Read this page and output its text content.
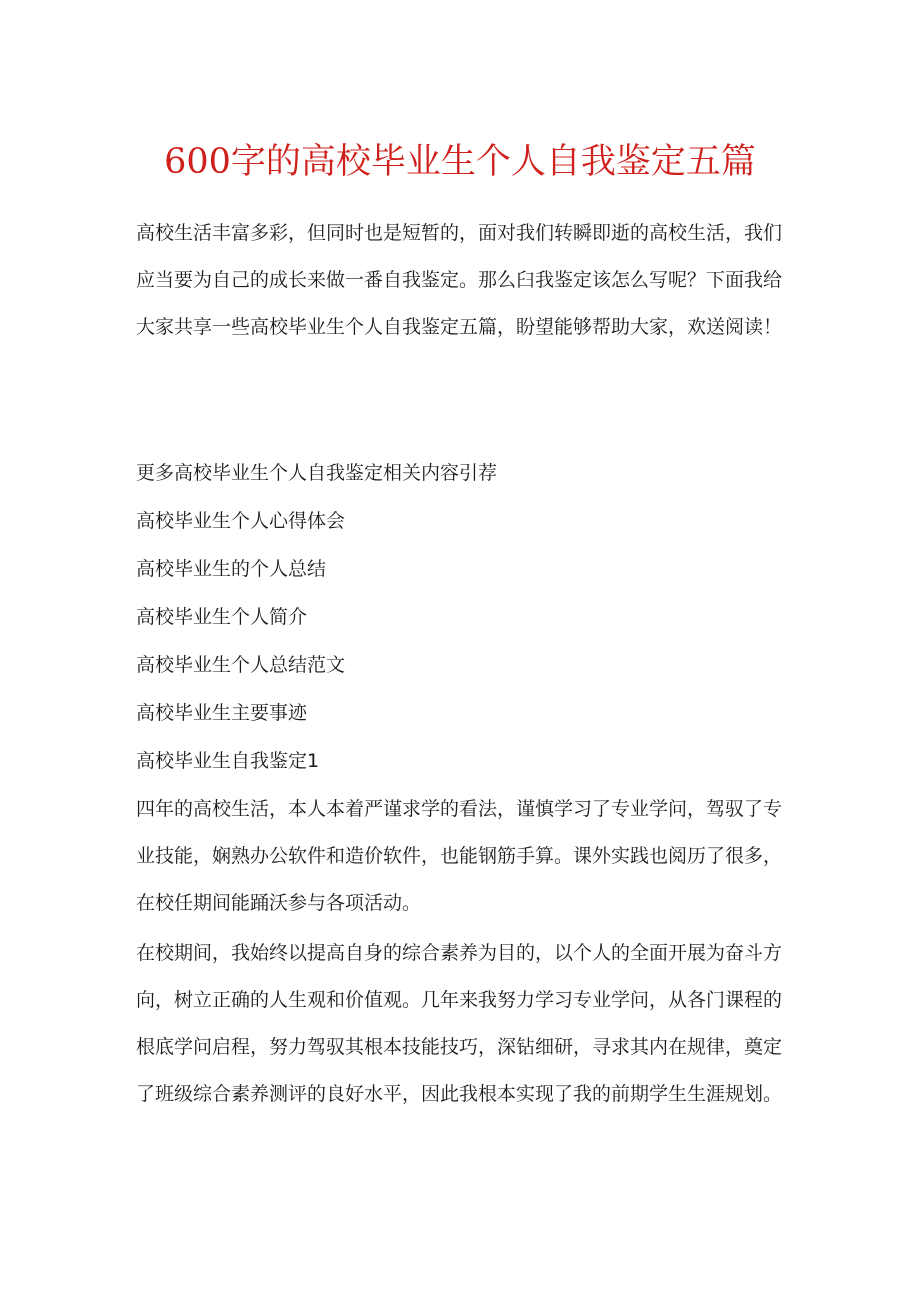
600字的高校毕业生个人自我鉴定五篇

高校生活丰富多彩，但同时也是短暂的，面对我们转瞬即逝的高校生活，我们应当要为自己的成长来做一番自我鉴定。那么臼我鉴定该怎么写呢？下面我给大家共享一些高校毕业生个人自我鉴定五篇，盼望能够帮助大家，欢送阅读！

更多高校毕业生个人自我鉴定相关内容引荐

高校毕业生个人心得体会

高校毕业生的个人总结

高校毕业生个人简介

高校毕业生个人总结范文

高校毕业生主要事迹

高校毕业生自我鉴定1

四年的高校生活，本人本着严谨求学的看法，谨慎学习了专业学问，驾驭了专业技能，娴熟办公软件和造价软件，也能钢筋手算。课外实践也阅历了很多，在校任期间能踊沃参与各项活动。

在校期间，我始终以提高自身的综合素养为目的，以个人的全面开展为奋斗方向，树立正确的人生观和价值观。几年来我努力学习专业学问，从各门课程的根底学问启程，努力驾驭其根本技能技巧，深钻细研，寻求其内在规律，奠定了班级综合素养测评的良好水平，因此我根本实现了我的前期学生生涯规划。
